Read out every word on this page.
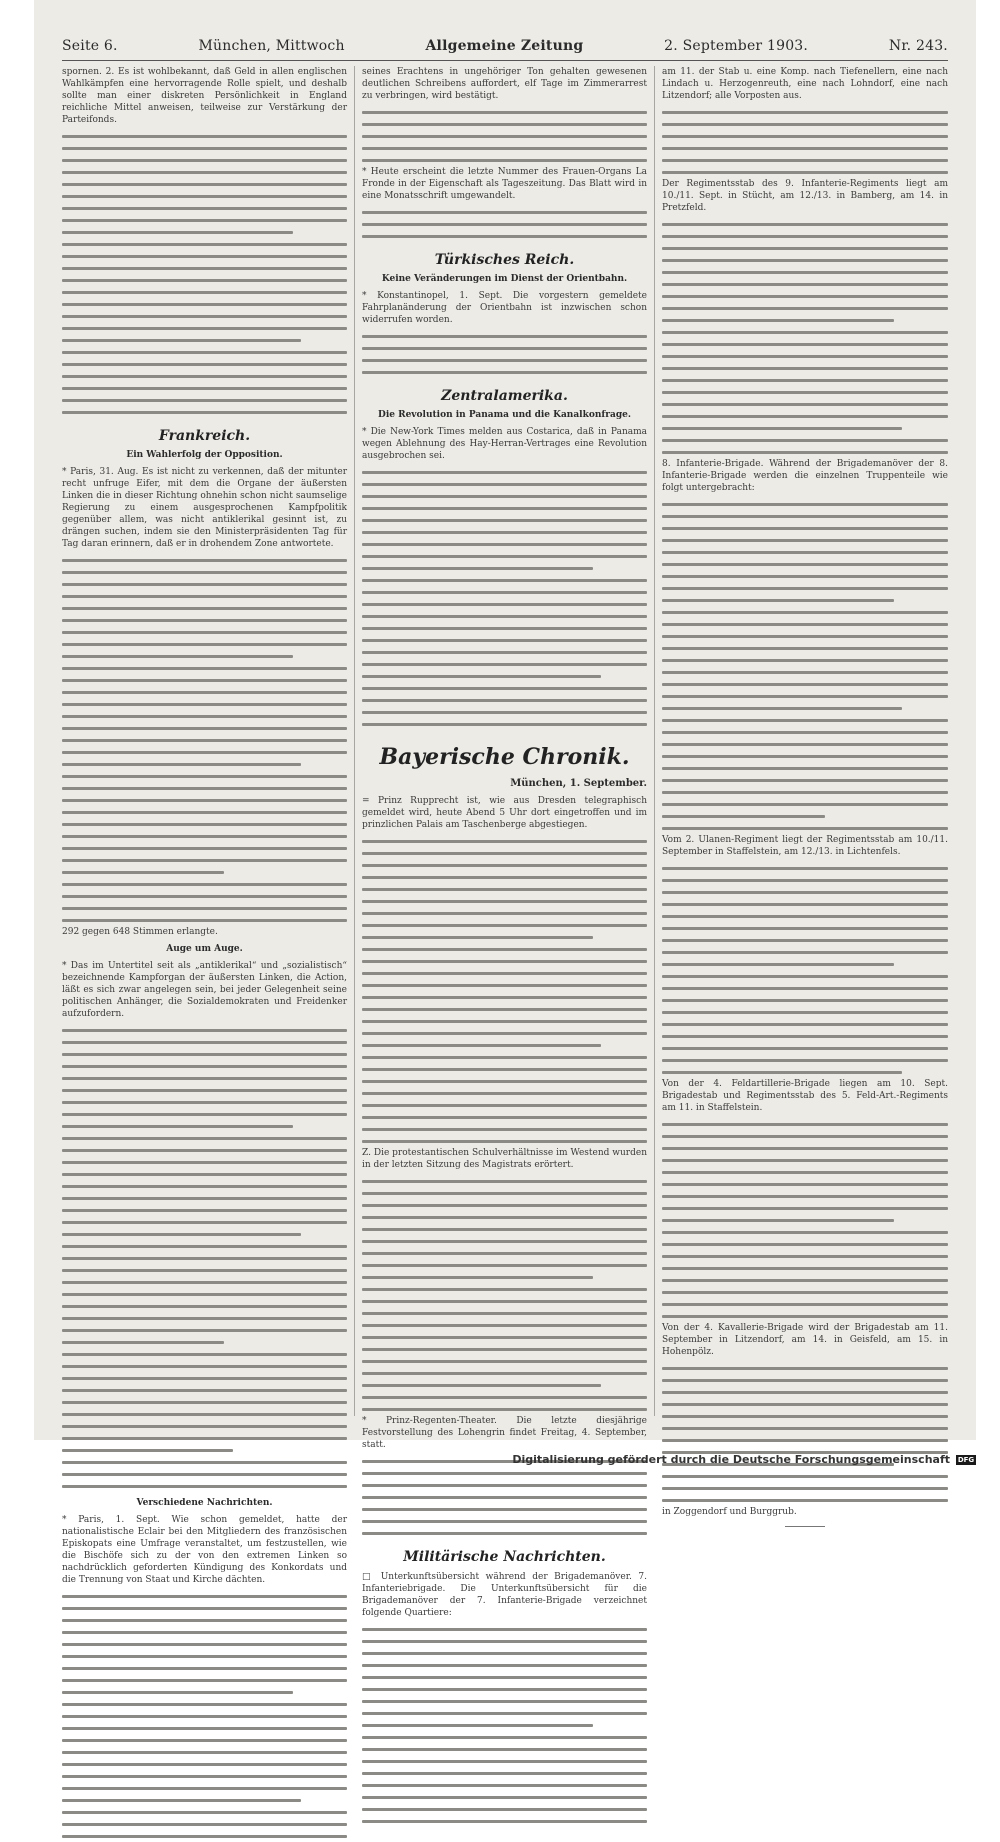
Seite 6.	München, Mittwoch	Allgemeine Zeitung	2. September 1903.	Nr. 243.

spornen. 2. Es ist wohlbekannt, daß Geld in allen englischen Wahlkämpfen eine hervorragende Rolle spielt, und deshalb sollte man einer diskreten Persönlichkeit in England reichliche Mittel anweisen, teilweise zur Verstärkung der Parteifonds.

Frankreich.
Ein Wahlerfolg der Opposition.

* Paris, 31. Aug. Es ist nicht zu verkennen, daß der mitunter recht unfruge Eifer, mit dem die Organe der äußersten Linken die in dieser Richtung ohnehin schon nicht saumselige Regierung zu einem ausgesprochenen Kampfpolitik gegenüber allem, was nicht antiklerikal gesinnt ist, zu drängen suchen, indem sie den Ministerpräsidenten Tag für Tag daran erinnern, daß er in drohendem Zone antwortete.

292 gegen 648 Stimmen erlangte.

Auge um Auge.

* Das im Untertitel seit als „antiklerikal“ und „sozialistisch“ bezeichnende Kampforgan der äußersten Linken, die Action, läßt es sich zwar angelegen sein, bei jeder Gelegenheit seine politischen Anhänger, die Sozialdemokraten und Freidenker aufzufordern.

Verschiedene Nachrichten.

* Paris, 1. Sept. Wie schon gemeldet, hatte der nationalistische Eclair bei den Mitgliedern des französischen Episkopats eine Umfrage veranstaltet, um festzustellen, wie die Bischöfe sich zu der von den extremen Linken so nachdrücklich geforderten Kündigung des Konkordats und die Trennung von Staat und Kirche dächten.

seines Erachtens in ungehöriger Ton gehalten gewesenen deutlichen Schreibens auffordert, elf Tage im Zimmerarrest zu verbringen, wird bestätigt.

* Heute erscheint die letzte Nummer des Frauen-Organs La Fronde in der Eigenschaft als Tageszeitung. Das Blatt wird in eine Monatsschrift umgewandelt.

Türkisches Reich.
Keine Veränderungen im Dienst der Orientbahn.

* Konstantinopel, 1. Sept. Die vorgestern gemeldete Fahrplanänderung der Orientbahn ist inzwischen schon widerrufen worden.

Zentralamerika.
Die Revolution in Panama und die Kanalkonfrage.

* Die New-York Times melden aus Costarica, daß in Panama wegen Ablehnung des Hay-Herran-Vertrages eine Revolution ausgebrochen sei.

Bayerische Chronik.
München, 1. September.

= Prinz Rupprecht ist, wie aus Dresden telegraphisch gemeldet wird, heute Abend 5 Uhr dort eingetroffen und im prinzlichen Palais am Taschenberge abgestiegen.

Z. Die protestantischen Schulverhältnisse im Westend wurden in der letzten Sitzung des Magistrats erörtert.

* Prinz-Regenten-Theater. Die letzte diesjährige Festvorstellung des Lohengrin findet Freitag, 4. September, statt.

Militärische Nachrichten.

□ Unterkunftsübersicht während der Brigademanöver. 7. Infanteriebrigade. Die Unterkunftsübersicht für die Brigademanöver der 7. Infanterie-Brigade verzeichnet folgende Quartiere:

am 11. der Stab u. eine Komp. nach Tiefenellern, eine nach Lindach u. Herzogenreuth, eine nach Lohndorf, eine nach Litzendorf; alle Vorposten aus.

Der Regimentsstab des 9. Infanterie-Regiments liegt am 10./11. Sept. in Stücht, am 12./13. in Bamberg, am 14. in Pretzfeld.

8. Infanterie-Brigade. Während der Brigademanöver der 8. Infanterie-Brigade werden die einzelnen Truppenteile wie folgt untergebracht:

Vom 2. Ulanen-Regiment liegt der Regimentsstab am 10./11. September in Staffelstein, am 12./13. in Lichtenfels.

Von der 4. Feldartillerie-Brigade liegen am 10. Sept. Brigadestab und Regimentsstab des 5. Feld-Art.-Regiments am 11. in Staffelstein.

Von der 4. Kavallerie-Brigade wird der Brigadestab am 11. September in Litzendorf, am 14. in Geisfeld, am 15. in Hohenpölz.

in Zoggendorf und Burggrub.

Digitalisierung gefördert durch die Deutsche Forschungsgemeinschaft DFG
